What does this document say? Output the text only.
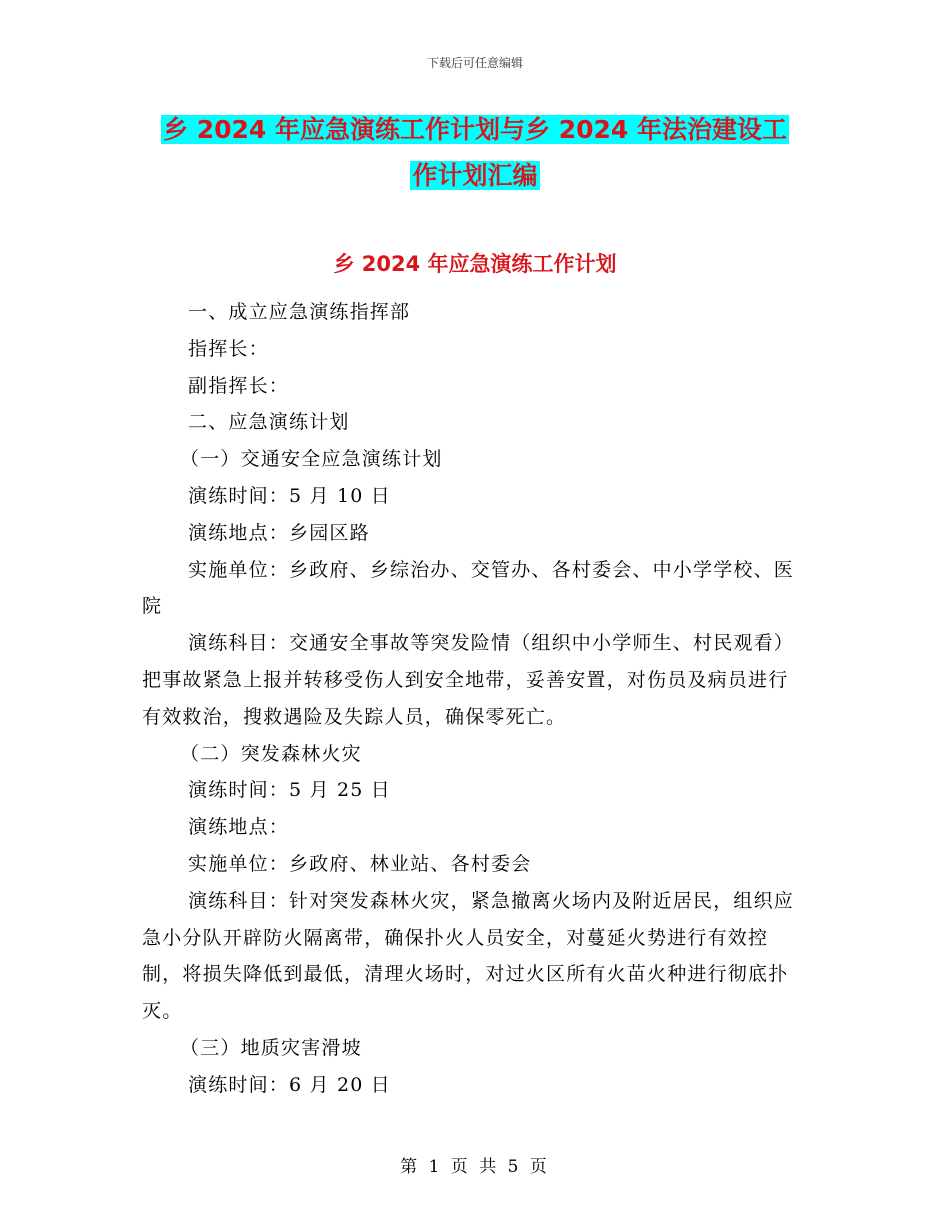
下载后可任意编辑
乡 2024 年应急演练工作计划与乡 2024 年法治建设工
作计划汇编
乡 2024 年应急演练工作计划

一、成立应急演练指挥部

指挥长：

副指挥长：

二、应急演练计划

（一）交通安全应急演练计划

演练时间：5 月 10 日

演练地点：乡园区路

实施单位：乡政府、乡综治办、交管办、各村委会、中小学学校、医院

演练科目：交通安全事故等突发险情（组织中小学师生、村民观看）把事故紧急上报并转移受伤人到安全地带，妥善安置，对伤员及病员进行有效救治，搜救遇险及失踪人员，确保零死亡。

（二）突发森林火灾

演练时间：5 月 25 日

演练地点：

实施单位：乡政府、林业站、各村委会

演练科目：针对突发森林火灾，紧急撤离火场内及附近居民，组织应急小分队开辟防火隔离带，确保扑火人员安全，对蔓延火势进行有效控制，将损失降低到最低，清理火场时，对过火区所有火苗火种进行彻底扑灭。

（三）地质灾害滑坡

演练时间：6 月 20 日

第 1 页 共 5 页
